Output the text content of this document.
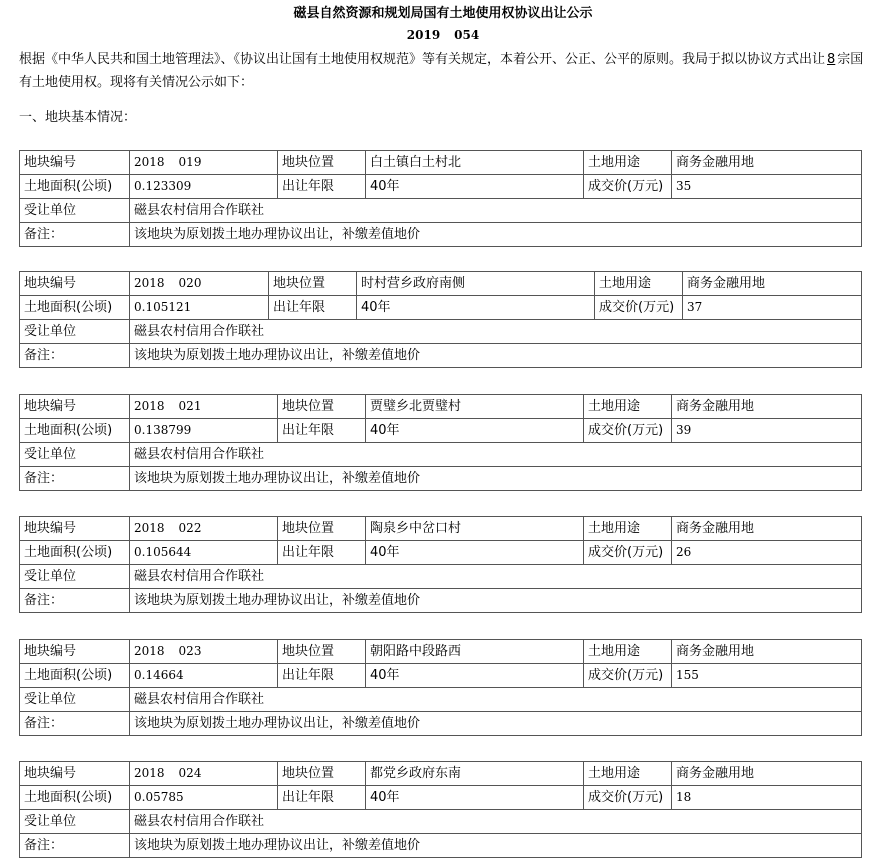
磁县自然资源和规划局国有土地使用权协议出让公示
2019 054
根据《中华人民共和国土地管理法》、《协议出让国有土地使用权规范》等有关规定，本着公开、公正、公平的原则。我局于拟以协议方式出让 8 宗国有土地使用权。现将有关情况公示如下：
一、地块基本情况：
地块编号	2018 019	地块位置	白土镇白土村北	土地用途	商务金融用地
土地面积(公顷)	0.123309	出让年限	40年	成交价(万元)	35
受让单位	磁县农村信用合作联社				
备注：	该地块为原划拨土地办理协议出让，补缴差值地价				
地块编号	2018 020	地块位置	时村营乡政府南侧	土地用途	商务金融用地
土地面积(公顷)	0.105121	出让年限	40年	成交价(万元)	37
受让单位	磁县农村信用合作联社				
备注：	该地块为原划拨土地办理协议出让，补缴差值地价				
地块编号	2018 021	地块位置	贾璧乡北贾璧村	土地用途	商务金融用地
土地面积(公顷)	0.138799	出让年限	40年	成交价(万元)	39
受让单位	磁县农村信用合作联社				
备注：	该地块为原划拨土地办理协议出让，补缴差值地价				
地块编号	2018 022	地块位置	陶泉乡中岔口村	土地用途	商务金融用地
土地面积(公顷)	0.105644	出让年限	40年	成交价(万元)	26
受让单位	磁县农村信用合作联社				
备注：	该地块为原划拨土地办理协议出让，补缴差值地价				
地块编号	2018 023	地块位置	朝阳路中段路西	土地用途	商务金融用地
土地面积(公顷)	0.14664	出让年限	40年	成交价(万元)	155
受让单位	磁县农村信用合作联社				
备注：	该地块为原划拨土地办理协议出让，补缴差值地价				
地块编号	2018 024	地块位置	都党乡政府东南	土地用途	商务金融用地
土地面积(公顷)	0.05785	出让年限	40年	成交价(万元)	18
受让单位	磁县农村信用合作联社				
备注：	该地块为原划拨土地办理协议出让，补缴差值地价				
